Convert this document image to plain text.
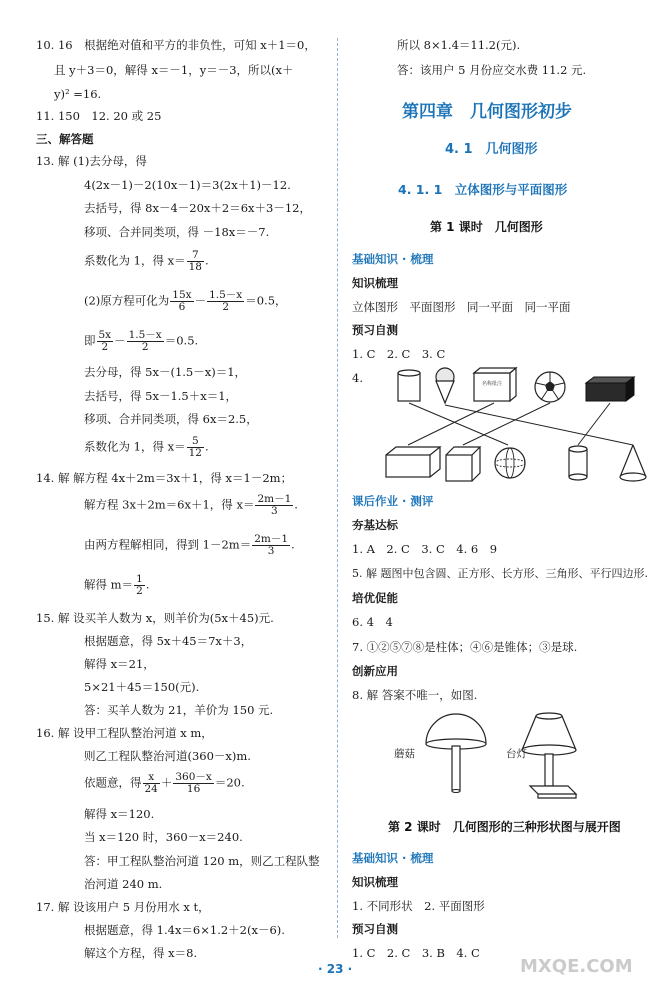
10. 16　根据绝对值和平方的非负性，可知 x＋1＝0，
且 y＋3＝0，解得 x＝－1，y＝－3，所以(x＋
y)² =16.
11. 150　12. 20 或 25
三、解答题
13. 解 (1)去分母，得
4(2x－1)－2(10x－1)＝3(2x＋1)－12.
去括号，得 8x－4－20x＋2＝6x＋3－12，
移项、合并同类项，得 －18x＝－7.
系数化为 1，得 $x= \frac{7}{18}$ .
(2)原方程可化为 $\frac{15x}{6} - \frac{1.5-x}{2} =0.5$，
即 $\frac{5x}{2} - \frac{1.5-x}{2} =0.5$.
去分母，得 5x－(1.5－x)＝1，
去括号，得 5x－1.5＋x＝1，
移项、合并同类项，得 6x＝2.5，
系数化为 1，得 $x= \frac{5}{12}$ .
14. 解 解方程 4x＋2m＝3x＋1，得 x＝1－2m；
解方程 3x＋2m＝6x＋1，得 $x= \frac{2m-1}{3}$ .
由两方程解相同，得到 $1-2m= \frac{2m-1}{3}$ .
解得 $m= \frac{1}{2}$ .
15. 解 设买羊人数为 x，则羊价为(5x＋45)元.
根据题意，得 5x＋45＝7x＋3，
解得 x＝21，
5×21＋45＝150(元).
答：买羊人数为 21，羊价为 150 元.
16. 解 设甲工程队整治河道 x m，
则乙工程队整治河道(360－x)m.
依题意，得 $\frac{x}{24} + \frac{360-x}{16} =20$.
解得 x＝120.
当 x＝120 时，360－x＝240.
答：甲工程队整治河道 120 m，则乙工程队整
治河道 240 m.
17. 解 设该用户 5 月份用水 x t，
根据题意，得 1.4x＝6×1.2＋2(x－6).
解这个方程，得 x＝8.
所以 8×1.4＝11.2(元).
答：该用户 5 月份应交水费 11.2 元.
第四章　几何图形初步
4. 1　几何图形
4. 1. 1　立体图形与平面图形
第 1 课时　几何图形
基础知识 · 梳理
知识梳理
立体图形　平面图形　同一平面　同一平面
预习自测
1. C　2. C　3. C
4.	名称批注
课后作业 · 测评
夯基达标
1. A　2. C　3. C　4. 6　9
5. 解 题图中包含圆、正方形、长方形、三角形、平行四边形.
培优促能
6. 4　4
7. ①②⑤⑦⑧是柱体；④⑥是锥体；③是球.
创新应用
8. 解 答案不唯一，如图.
蘑菇	台灯
第 2 课时　几何图形的三种形状图与展开图
基础知识 · 梳理
知识梳理
1. 不同形状　2. 平面图形
预习自测
1. C　2. C　3. B　4. C
MXQE.COM
· 23 ·
